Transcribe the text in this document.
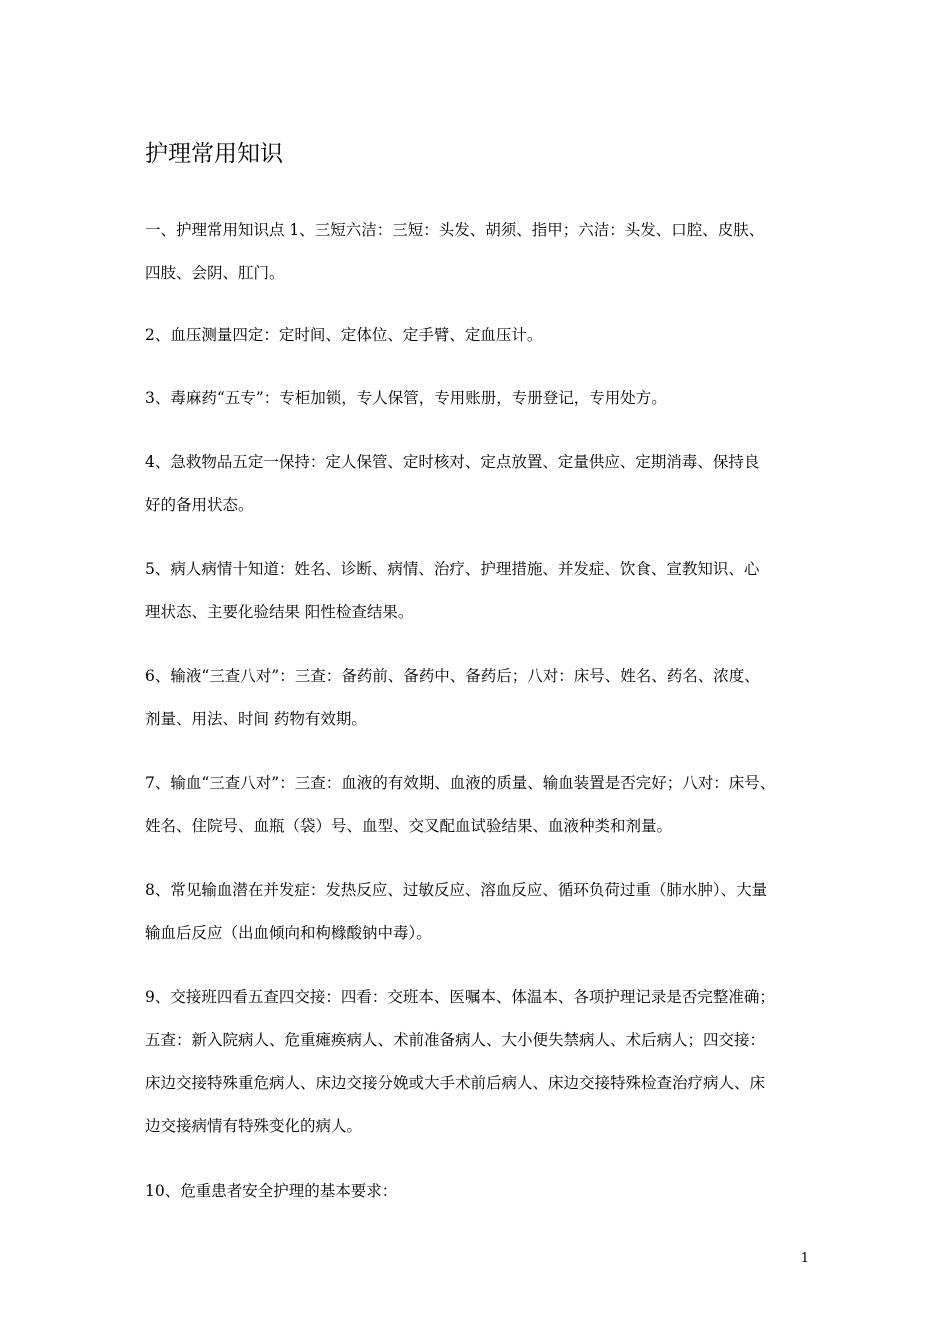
护理常用知识
一、护理常用知识点 1、三短六洁：三短：头发、胡须、指甲；六洁：头发、口腔、皮肤、
四肢、会阴、肛门。
2、血压测量四定：定时间、定体位、定手臂、定血压计。
3、毒麻药“五专”：专柜加锁，专人保管，专用账册，专册登记，专用处方。
4、急救物品五定一保持：定人保管、定时核对、定点放置、定量供应、定期消毒、保持良
好的备用状态。
5、病人病情十知道：姓名、诊断、病情、治疗、护理措施、并发症、饮食、宣教知识、心
理状态、主要化验结果 阳性检查结果。
6、输液“三查八对”：三查：备药前、备药中、备药后；八对：床号、姓名、药名、浓度、
剂量、用法、时间 药物有效期。
7、输血“三查八对”：三查：血液的有效期、血液的质量、输血装置是否完好；八对：床号、
姓名、住院号、血瓶（袋）号、血型、交叉配血试验结果、血液种类和剂量。
8、常见输血潜在并发症：发热反应、过敏反应、溶血反应、循环负荷过重（肺水肿）、大量
输血后反应（出血倾向和枸橼酸钠中毒）。
9、交接班四看五查四交接：四看：交班本、医嘱本、体温本、各项护理记录是否完整准确；
五查：新入院病人、危重瘫痪病人、术前准备病人、大小便失禁病人、术后病人；四交接：
床边交接特殊重危病人、床边交接分娩或大手术前后病人、床边交接特殊检查治疗病人、床
边交接病情有特殊变化的病人。
10、危重患者安全护理的基本要求：
1
